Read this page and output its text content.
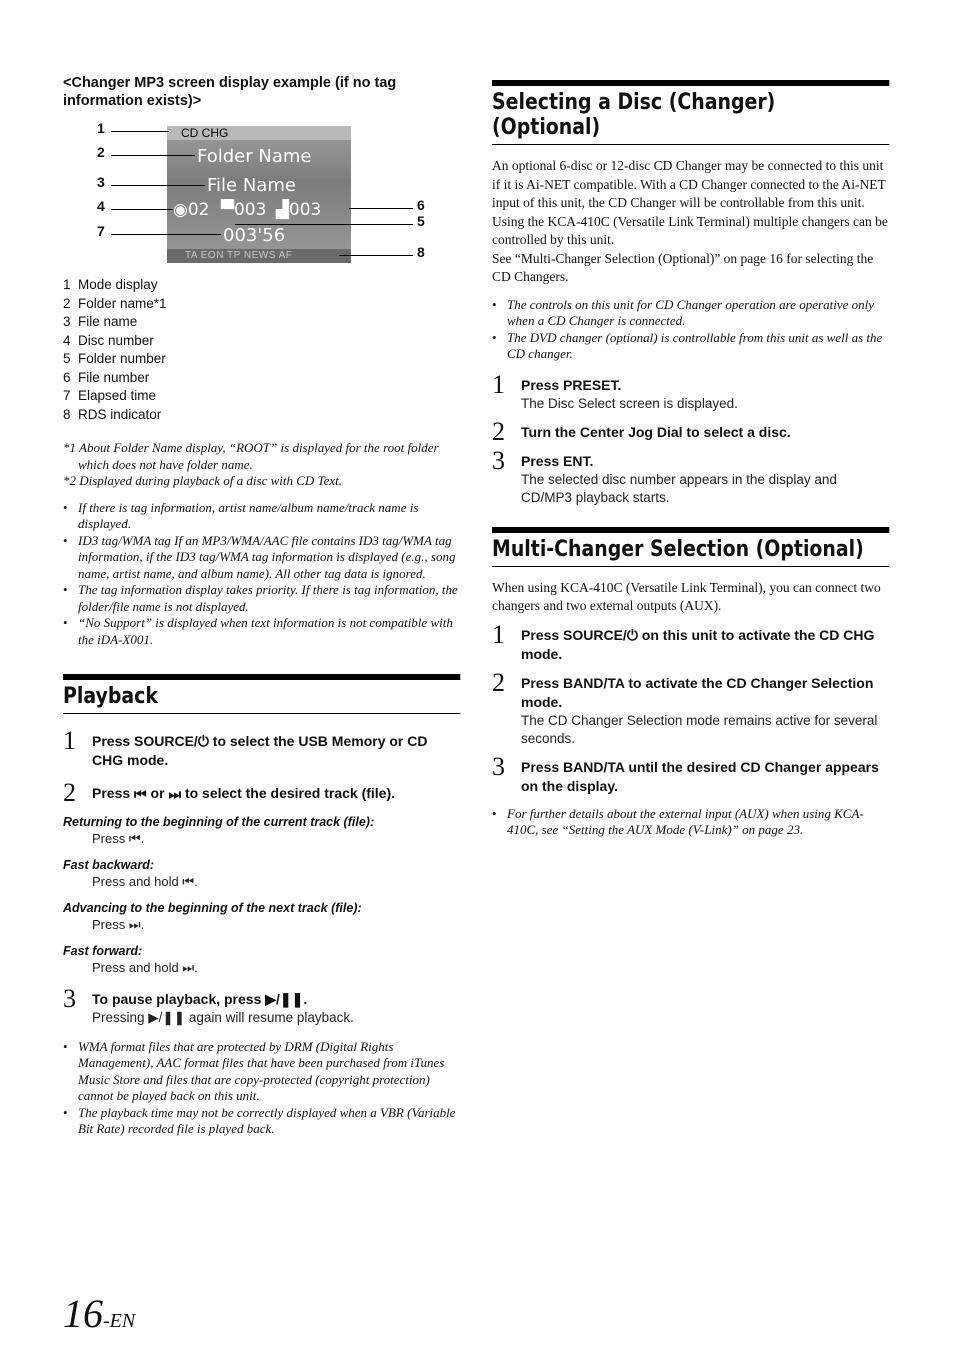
<Changer MP3 screen display example (if no tag information exists)>
CD CHG
Folder Name
File Name
◉02 ▀003 ▟003
003'56
TA EON TP NEWS AF
1
2
3
4
7
6
5
8
1 Mode display
2 Folder name*1
3 File name
4 Disc number
5 Folder number
6 File number
7 Elapsed time
8 RDS indicator
*1 About Folder Name display, “ROOT” is displayed for the root folder which does not have folder name.
*2 Displayed during playback of a disc with CD Text.
• If there is tag information, artist name/album name/track name is displayed.
• ID3 tag/WMA tag If an MP3/WMA/AAC file contains ID3 tag/WMA tag information, if the ID3 tag/WMA tag information is displayed (e.g., song name, artist name, and album name). All other tag data is ignored.
• The tag information display takes priority. If there is tag information, the folder/file name is not displayed.
• “No Support” is displayed when text information is not compatible with the iDA-X001.
Playback
1 Press SOURCE/⏻ to select the USB Memory or CD CHG mode.
2 Press ⏮ or ⏭ to select the desired track (file).
Returning to the beginning of the current track (file):
Press ⏮.
Fast backward:
Press and hold ⏮.
Advancing to the beginning of the next track (file):
Press ⏭.
Fast forward:
Press and hold ⏭.
3 To pause playback, press ▶/❚❚.
Pressing ▶/❚❚ again will resume playback.
• WMA format files that are protected by DRM (Digital Rights Management), AAC format files that have been purchased from iTunes Music Store and files that are copy-protected (copyright protection) cannot be played back on this unit.
• The playback time may not be correctly displayed when a VBR (Variable Bit Rate) recorded file is played back.
Selecting a Disc (Changer) (Optional)
An optional 6-disc or 12-disc CD Changer may be connected to this unit if it is Ai-NET compatible. With a CD Changer connected to the Ai-NET input of this unit, the CD Changer will be controllable from this unit.
Using the KCA-410C (Versatile Link Terminal) multiple changers can be controlled by this unit.
See “Multi-Changer Selection (Optional)” on page 16 for selecting the CD Changers.
• The controls on this unit for CD Changer operation are operative only when a CD Changer is connected.
• The DVD changer (optional) is controllable from this unit as well as the CD changer.
1 Press PRESET.
The Disc Select screen is displayed.
2 Turn the Center Jog Dial to select a disc.
3 Press ENT.
The selected disc number appears in the display and CD/MP3 playback starts.
Multi-Changer Selection (Optional)
When using KCA-410C (Versatile Link Terminal), you can connect two changers and two external outputs (AUX).
1 Press SOURCE/⏻ on this unit to activate the CD CHG mode.
2 Press BAND/TA to activate the CD Changer Selection mode.
The CD Changer Selection mode remains active for several seconds.
3 Press BAND/TA until the desired CD Changer appears on the display.
• For further details about the external input (AUX) when using KCA-410C, see “Setting the AUX Mode (V-Link)” on page 23.
16-EN
